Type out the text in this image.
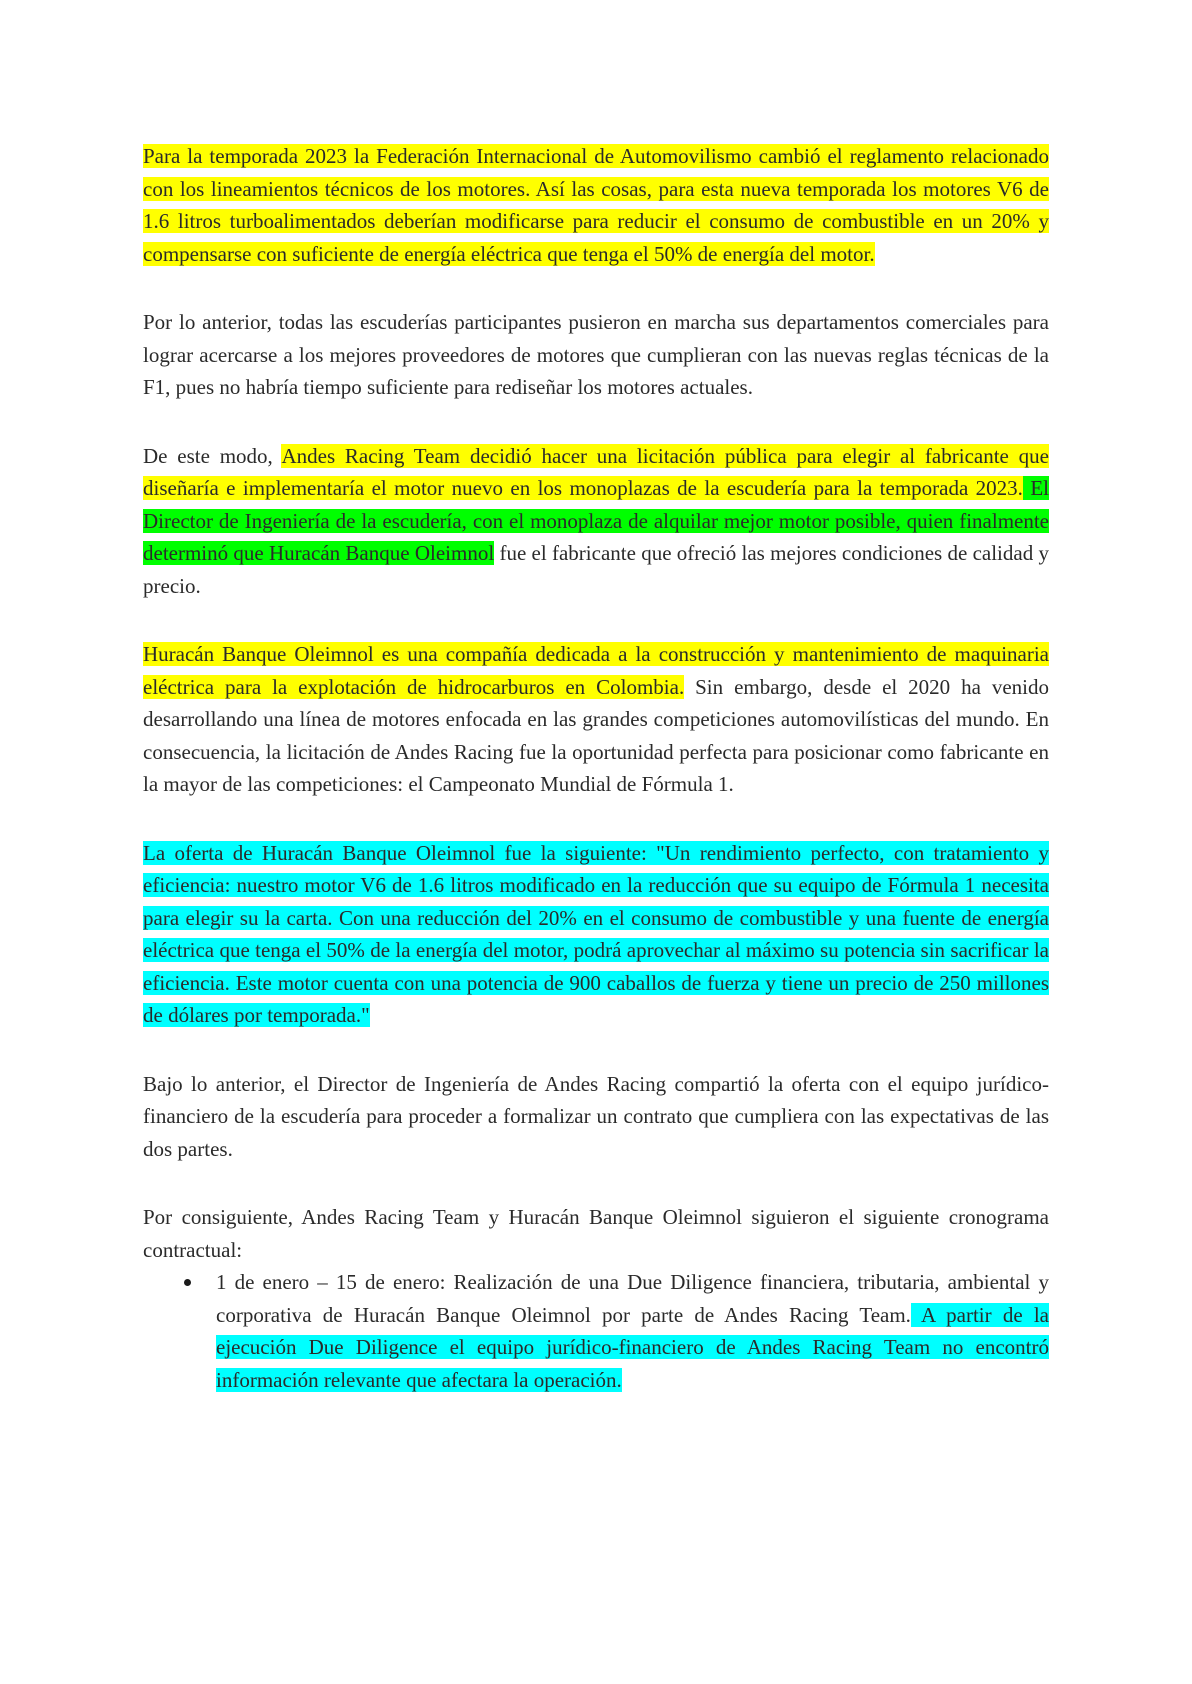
Para la temporada 2023 la Federación Internacional de Automovilismo cambió el reglamento relacionado con los lineamientos técnicos de los motores. Así las cosas, para esta nueva temporada los motores V6 de 1.6 litros turboalimentados deberían modificarse para reducir el consumo de combustible en un 20% y compensarse con suficiente de energía eléctrica que tenga el 50% de energía del motor.

Por lo anterior, todas las escuderías participantes pusieron en marcha sus departamentos comerciales para lograr acercarse a los mejores proveedores de motores que cumplieran con las nuevas reglas técnicas de la F1, pues no habría tiempo suficiente para rediseñar los motores actuales.

De este modo, Andes Racing Team decidió hacer una licitación pública para elegir al fabricante que diseñaría e implementaría el motor nuevo en los monoplazas de la escudería para la temporada 2023. El Director de Ingeniería de la escudería, con el monoplaza de alquilar mejor motor posible, quien finalmente determinó que Huracán Banque Oleimnol fue el fabricante que ofreció las mejores condiciones de calidad y precio.

Huracán Banque Oleimnol es una compañía dedicada a la construcción y mantenimiento de maquinaria eléctrica para la explotación de hidrocarburos en Colombia. Sin embargo, desde el 2020 ha venido desarrollando una línea de motores enfocada en las grandes competiciones automovilísticas del mundo. En consecuencia, la licitación de Andes Racing fue la oportunidad perfecta para posicionar como fabricante en la mayor de las competiciones: el Campeonato Mundial de Fórmula 1.

La oferta de Huracán Banque Oleimnol fue la siguiente: "Un rendimiento perfecto, con tratamiento y eficiencia: nuestro motor V6 de 1.6 litros modificado en la reducción que su equipo de Fórmula 1 necesita para elegir su la carta. Con una reducción del 20% en el consumo de combustible y una fuente de energía eléctrica que tenga el 50% de la energía del motor, podrá aprovechar al máximo su potencia sin sacrificar la eficiencia. Este motor cuenta con una potencia de 900 caballos de fuerza y tiene un precio de 250 millones de dólares por temporada."

Bajo lo anterior, el Director de Ingeniería de Andes Racing compartió la oferta con el equipo jurídico-financiero de la escudería para proceder a formalizar un contrato que cumpliera con las expectativas de las dos partes.

Por consiguiente, Andes Racing Team y Huracán Banque Oleimnol siguieron el siguiente cronograma contractual:

1 de enero – 15 de enero: Realización de una Due Diligence financiera, tributaria, ambiental y corporativa de Huracán Banque Oleimnol por parte de Andes Racing Team. A partir de la ejecución Due Diligence el equipo jurídico-financiero de Andes Racing Team no encontró información relevante que afectara la operación.
